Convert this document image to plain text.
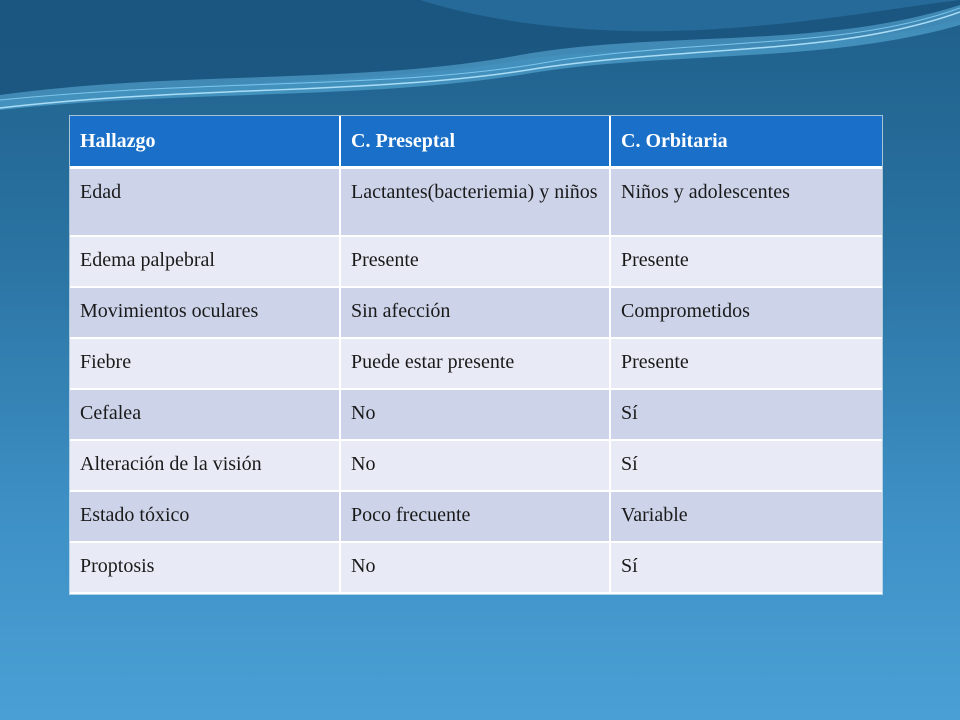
Hallazgo	C. Preseptal	C. Orbitaria
Edad	Lactantes(bacteriemia) y niños	Niños y adolescentes
Edema palpebral	Presente	Presente
Movimientos oculares	Sin afección	Comprometidos
Fiebre	Puede estar presente	Presente
Cefalea	No	Sí
Alteración de la visión	No	Sí
Estado tóxico	Poco frecuente	Variable
Proptosis	No	Sí
